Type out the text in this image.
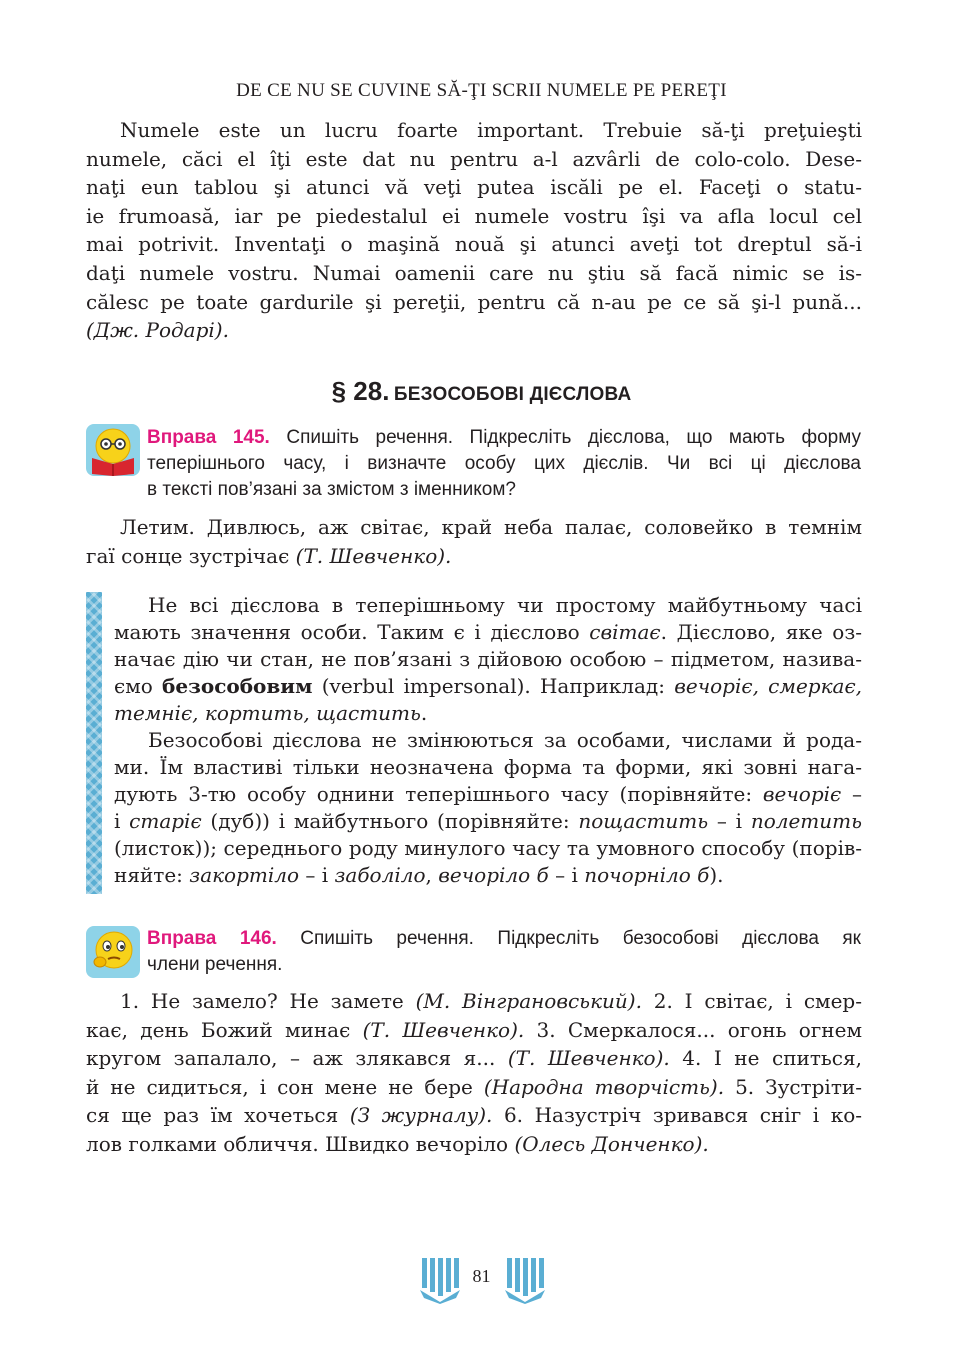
DE CE NU SE CUVINE SĂ-ŢI SCRII NUMELE PE PEREŢI
Numele este un lucru foarte important. Trebuie să-ţi preţuieşti
numele, căci el îţi este dat nu pentru a-l azvârli de colo-colo. Dese-
naţi eun tablou şi atunci vă veţi putea iscăli pe el. Faceţi o statu-
ie frumoasă, iar pe piedestalul ei numele vostru îşi va afla locul cel
mai potrivit. Inventaţi o maşină nouă şi atunci aveţi tot dreptul să-i
daţi numele vostru. Numai oamenii care nu ştiu să facă nimic se is-
călesc pe toate gardurile şi pereţii, pentru că n-au pe ce să şi-l pună...
(Дж. Родарі).
§ 28. БЕЗОСОБОВІ ДІЄСЛОВА
Вправа 145. Спишіть речення. Підкресліть дієслова, що мають форму
теперішнього часу, і визначте особу цих дієслів. Чи всі ці дієслова
в тексті пов’язані за змістом з іменником?
Летим. Дивлюсь, аж світає, край неба палає, соловейко в темнім
гаї сонце зустрічає (Т. Шевченко).
Не всі дієслова в теперішньому чи простому майбутньому часі
мають значення особи. Таким є і дієслово світає. Дієслово, яке оз-
начає дію чи стан, не пов’язані з дійовою особою – підметом, назива-
ємо безособовим (verbul impersonal). Наприклад: вечоріє, смеркає,
темніє, кортить, щастить.
Безособові дієслова не змінюються за особами, числами й рода-
ми. Їм властиві тільки неозначена форма та форми, які зовні нага-
дують 3-тю особу однини теперішнього часу (порівняйте: вечоріє –
і старіє (дуб)) і майбутнього (порівняйте: пощастить – і полетить
(листок)); середнього роду минулого часу та умовного способу (порів-
няйте: закортіло – і заболіло, вечоріло б – і почорніло б).
Вправа 146. Спишіть речення. Підкресліть безособові дієслова як
члени речення.
1. Не замело? Не замете (М. Вінграновський). 2. І світає, і смер-
кає, день Божий минає (Т. Шевченко). 3. Смеркалося... огонь огнем
кругом запалало, – аж злякався я... (Т. Шевченко). 4. І не спиться,
й не сидиться, і сон мене не бере (Народна творчість). 5. Зустріти-
ся ще раз їм хочеться (З журналу). 6. Назустріч зривався сніг і ко-
лов голками обличчя. Швидко вечоріло (Олесь Донченко).
81
